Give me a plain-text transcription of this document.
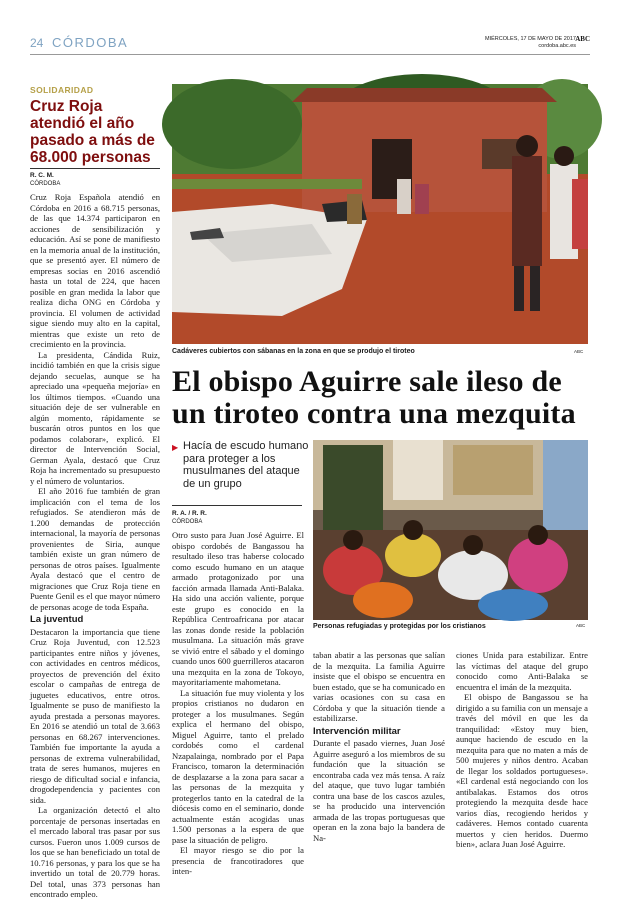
24 CÓRDOBA	MIÉRCOLES, 17 DE MAYO DE 2017
cordoba.abc.es
ABC
SOLIDARIDAD
Cruz Roja atendió el año pasado a más de 68.000 personas
R. C. M.
CÓRDOBA

Cruz Roja Española atendió en Córdoba en 2016 a 68.715 personas, de las que 14.374 participaron en acciones de sensibilización y educación. Así se pone de manifiesto en la memoria anual de la institución, que se presentó ayer. El número de empresas socias en 2016 ascendió hasta un total de 224, que hacen posible en gran medida la labor que realiza dicha ONG en Córdoba y provincia. El volumen de actividad sigue siendo muy alto en la capital, mientras que existe un reto de crecimiento en la provincia.

La presidenta, Cándida Ruiz, incidió también en que la crisis sigue dejando secuelas, aunque se ha apreciado una «pequeña mejoría» en los últimos tiempos. «Cuando una situación deje de ser vulnerable en algún momento, rápidamente se buscarán otros puntos en los que podamos colaborar», explicó. El director de Intervención Social, German Ayala, destacó que Cruz Roja ha incrementado su presupuesto y el número de voluntarios.

El año 2016 fue también de gran implicación con el tema de los refugiados. Se atendieron más de 1.200 demandas de protección internacional, la mayoría de personas provenientes de Siria, aunque también existe un gran número de personas de otros países. Igualmente Ayala destacó que el centro de migraciones que Cruz Roja tiene en Puente Genil es el que mayor número de personas acoge de toda España.

La juventud

Destacaron la importancia que tiene Cruz Roja Juventud, con 12.523 participantes entre niños y jóvenes, con actividades en centros médicos, proyectos de prevención del éxito escolar o campañas de entrega de juguetes educativos, entre otros. Igualmente se puso de manifiesto la ayuda prestada a personas mayores. En 2016 se atendió un total de 3.663 personas en 68.267 intervenciones. También fue importante la ayuda a personas de extrema vulnerabilidad, trata de seres humanos, mujeres en riesgo de dificultad social e infancia, drogodependencia y pacientes con sida.

La organización detectó el alto porcentaje de personas insertadas en el mercado laboral tras pasar por sus cursos. Fueron unos 1.009 cursos de los que se han beneficiado un total de 10.716 personas, y para los que se ha invertido un total de 20.779 horas. Del total, unas 373 personas han encontrado empleo.

Cadáveres cubiertos con sábanas en la zona en que se produjo el tiroteo	ABC
El obispo Aguirre sale ileso de un tiroteo contra una mezquita
▶ Hacía de escudo humano para proteger a los musulmanes del ataque de un grupo
R. A. / R. R.
CÓRDOBA

Otro susto para Juan José Aguirre. El obispo cordobés de Bangassou ha resultado ileso tras haberse colocado como escudo humano en un ataque armado protagonizado por una facción armada llamada Anti-Balaka. Ha sido una acción valiente, porque este grupo es conocido en la República Centroafricana por atacar las zonas donde reside la población musulmana. La situación más grave se vivió entre el sábado y el domingo cuando unos 600 guerrilleros atacaron una mezquita en la zona de Tokoyo, mayoritariamente mahometana.

La situación fue muy violenta y los propios cristianos no dudaron en proteger a los musulmanes. Según explica el hermano del obispo, Miguel Aguirre, tanto el prelado cordobés como el cardenal Nzapalainga, nombrado por el Papa Francisco, tomaron la determinación de desplazarse a la zona para sacar a las personas de la mezquita y protegerlos tanto en la catedral de la diócesis como en el seminario, donde actualmente están acogidas unas 1.500 personas a la espera de que pase la situación de peligro.

El mayor riesgo se dio por la presencia de francotiradores que inten-

Personas refugiadas y protegidas por los cristianos	ABC

taban abatir a las personas que salían de la mezquita. La familia Aguirre insiste que el obispo se encuentra en buen estado, que se ha comunicado en varias ocasiones con su casa en Córdoba y que la situación tiende a estabilizarse.

Intervención militar

Durante el pasado viernes, Juan José Aguirre aseguró a los miembros de su fundación que la situación se encontraba cada vez más tensa. A raíz del ataque, que tuvo lugar también contra una base de los cascos azules, se ha producido una intervención armada de las tropas portuguesas que operan en la zona bajo la bandera de Na-

ciones Unida para estabilizar. Entre las víctimas del ataque del grupo conocido como Anti-Balaka se encuentra el imán de la mezquita.

El obispo de Bangassou se ha dirigido a su familia con un mensaje a través del móvil en que les da tranquilidad: «Estoy muy bien, aunque haciendo de escudo en la mezquita para que no maten a más de 500 mujeres y niños dentro. Acaban de llegar los soldados portugueses». «El cardenal está negociando con los antibalakas. Estamos dos otros protegiendo la mezquita desde hace varios días, recogiendo heridos y cadáveres. Hemos contado cuarenta muertos y cien heridos. Duermo bien», aclara Juan José Aguirre.
